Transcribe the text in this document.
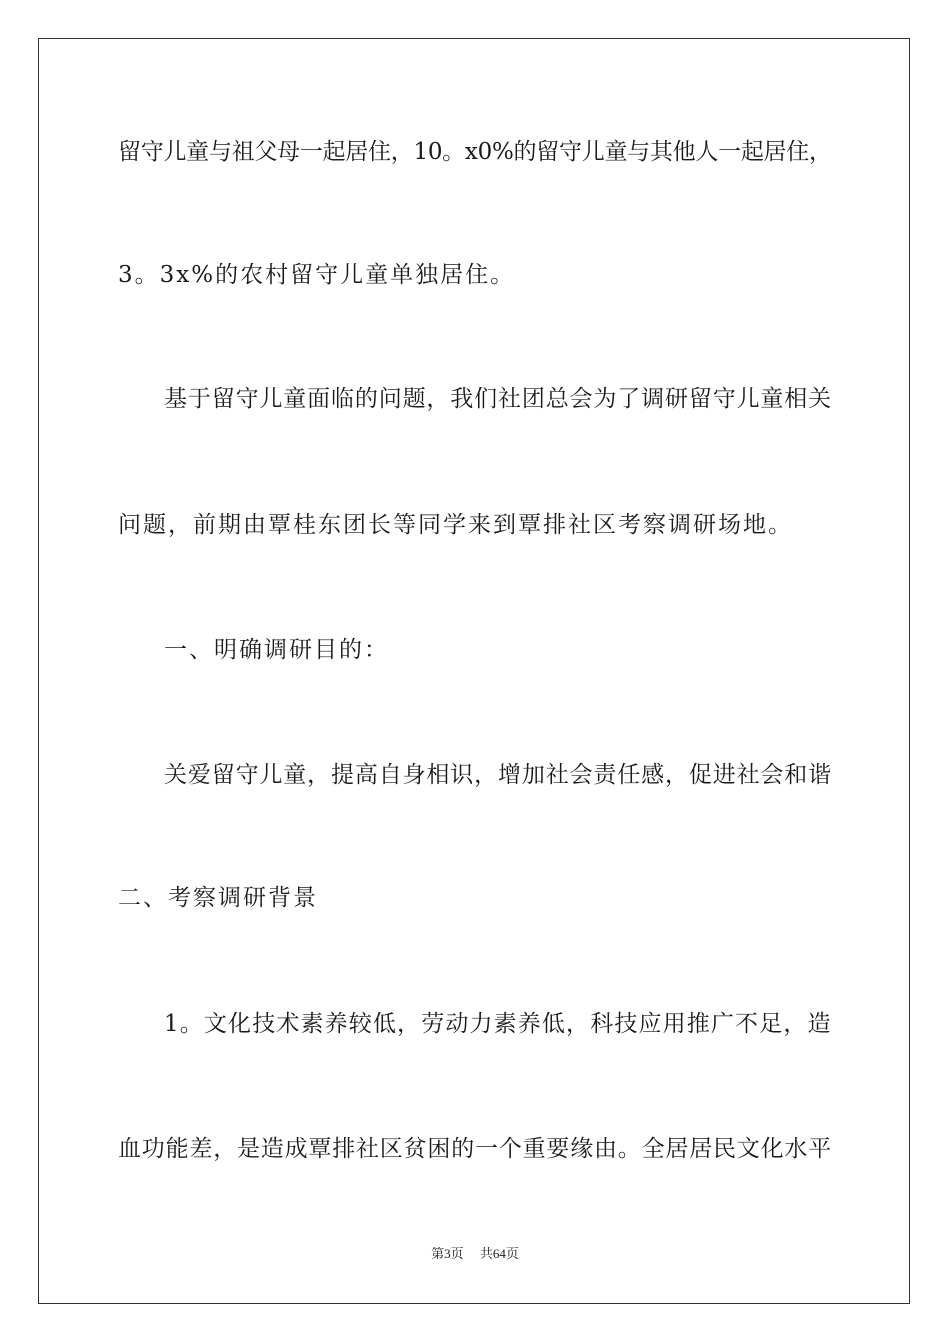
留守儿童与祖父母一起居住，10。x0%的留守儿童与其他人一起居住，
3。3x%的农村留守儿童单独居住。
基于留守儿童面临的问题，我们社团总会为了调研留守儿童相关
问题，前期由覃桂东团长等同学来到覃排社区考察调研场地。
一、明确调研目的：
关爱留守儿童，提高自身相识，增加社会责任感，促进社会和谐
二、考察调研背景
1。文化技术素养较低，劳动力素养低，科技应用推广不足，造
血功能差，是造成覃排社区贫困的一个重要缘由。全居居民文化水平
第3页　 共64页
